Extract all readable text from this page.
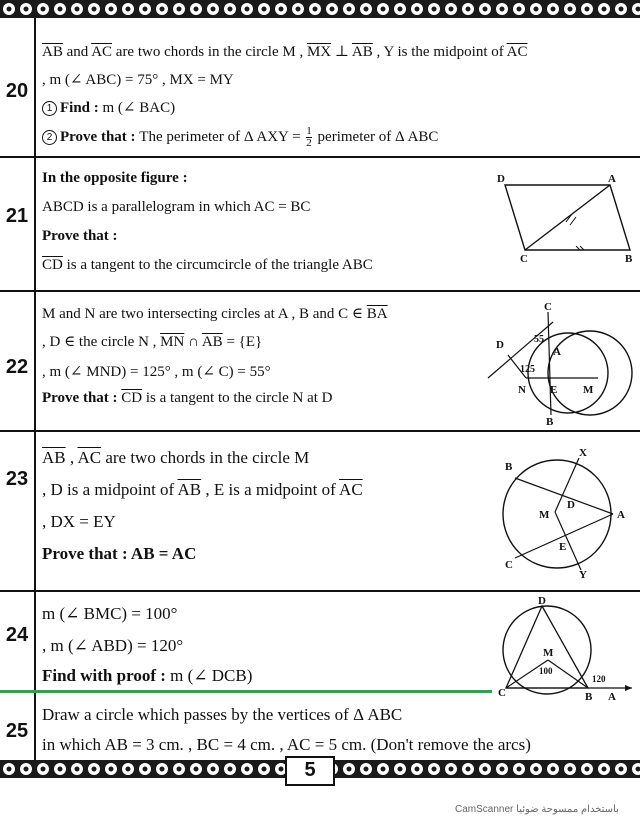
20
$\overline{AB}$ and $\overline{AC}$ are two chords in the circle M , $\overline{MX}$ ⊥ $\overline{AB}$ , Y is the midpoint of $\overline{AC}$
, m (∠ ABC) = 75° , MX = MY
1 Find : m (∠ BAC)
2 Prove that : The perimeter of Δ AXY = $\frac{1}{2}$ perimeter of Δ ABC
21
In the opposite figure :
ABCD is a parallelogram in which AC = BC
Prove that :
$\overline{CD}$ is a tangent to the circumcircle of the triangle ABC
D	A
C	B
22
M and N are two intersecting circles at A , B and C ∈ $\overline{BA}$
, D ∈ the circle N , $\overline{MN}$ ∩ $\overline{AB} = \{E\}$
, m (∠ MND) = 125° , m (∠ C) = 55°
Prove that : $\overline{CD}$ is a tangent to the circle N at D
C
D
A
N E M
B
125
55
23
$\overline{AB}$ , $\overline{AC}$ are two chords in the circle M
, D is a midpoint of $\overline{AB}$ , E is a midpoint of $\overline{AC}$
, DX = EY
Prove that : AB = AC
B
X
D
M	A
E
C
Y
24
m (∠ BMC) = 100°
, m (∠ ABD) = 120°
Find with proof : m (∠ DCB)
D
M
100
120
C	B A
25
Draw a circle which passes by the vertices of Δ ABC
in which AB = 3 cm. , BC = 4 cm. , AC = 5 cm. (Don't remove the arcs)
5
CamScanner باستخدام ممسوحة ضوئيا
